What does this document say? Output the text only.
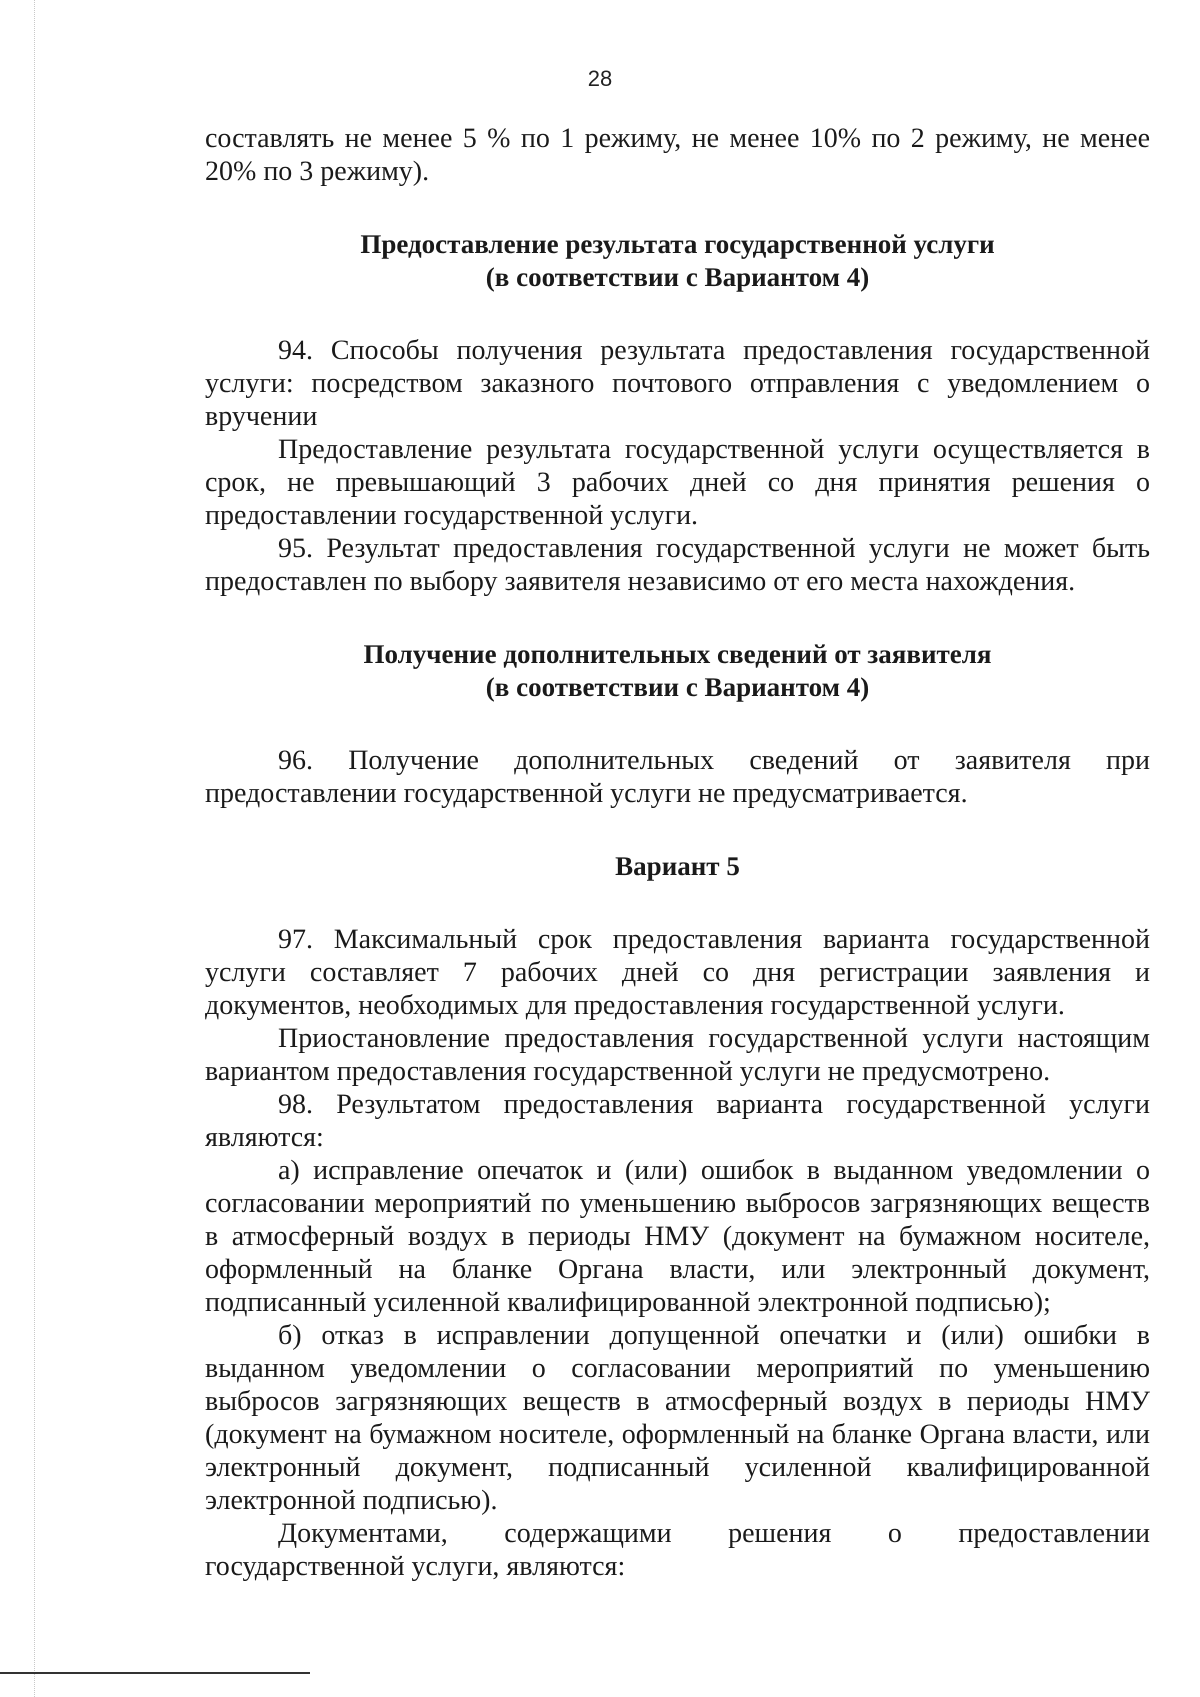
28

составлять не менее 5 % по 1 режиму, не менее 10% по 2 режиму, не менее 20% по 3 режиму).

Предоставление результата государственной услуги
(в соответствии с Вариантом 4)

94. Способы получения результата предоставления государственной услуги: посредством заказного почтового отправления с уведомлением о вручении

Предоставление результата государственной услуги осуществляется в срок, не превышающий 3 рабочих дней со дня принятия решения о предоставлении государственной услуги.

95. Результат предоставления государственной услуги не может быть предоставлен по выбору заявителя независимо от его места нахождения.

Получение дополнительных сведений от заявителя
(в соответствии с Вариантом 4)

96. Получение дополнительных сведений от заявителя при предоставлении государственной услуги не предусматривается.

Вариант 5

97. Максимальный срок предоставления варианта государственной услуги составляет 7 рабочих дней со дня регистрации заявления и документов, необходимых для предоставления государственной услуги.

Приостановление предоставления государственной услуги настоящим вариантом предоставления государственной услуги не предусмотрено.

98. Результатом предоставления варианта государственной услуги являются:

а) исправление опечаток и (или) ошибок в выданном уведомлении о согласовании мероприятий по уменьшению выбросов загрязняющих веществ в атмосферный воздух в периоды НМУ (документ на бумажном носителе, оформленный на бланке Органа власти, или электронный документ, подписанный усиленной квалифицированной электронной подписью);

б) отказ в исправлении допущенной опечатки и (или) ошибки в выданном уведомлении о согласовании мероприятий по уменьшению выбросов загрязняющих веществ в атмосферный воздух в периоды НМУ (документ на бумажном носителе, оформленный на бланке Органа власти, или электронный документ, подписанный усиленной квалифицированной электронной подписью).

Документами, содержащими решения о предоставлении государственной услуги, являются:
